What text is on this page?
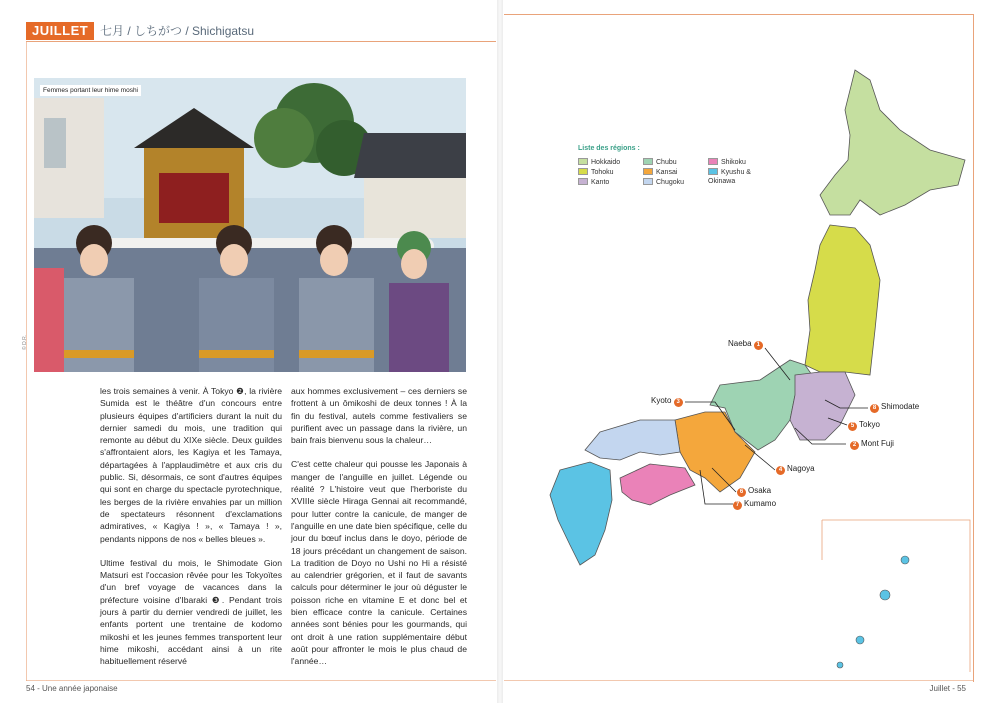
JUILLET 七月 / しちがつ / Shichigatsu
Femmes portant leur hime moshi
© D.R.

les trois semaines à venir. À Tokyo ❷, la rivière Sumida est le théâtre d'un concours entre plusieurs équipes d'artificiers durant la nuit du dernier samedi du mois, une tradition qui remonte au début du XIXe siècle. Deux guildes s'affrontaient alors, les Kagiya et les Tamaya, départagées à l'applaudimètre et aux cris du public. Si, désormais, ce sont d'autres équipes qui sont en charge du spectacle pyrotechnique, les berges de la rivière envahies par un million de spectateurs résonnent d'exclamations admiratives, « Kagiya ! », « Tamaya ! », pendants nippons de nos « belles bleues ».

Ultime festival du mois, le Shimodate Gion Matsuri est l'occasion rêvée pour les Tokyoïtes d'un bref voyage de vacances dans la préfecture voisine d'Ibaraki ❸. Pendant trois jours à partir du dernier vendredi de juillet, les enfants portent une trentaine de kodomo mikoshi et les jeunes femmes transportent leur hime mikoshi, accédant ainsi à un rite habituellement réservé

aux hommes exclusivement – ces derniers se frottent à un ômikoshi de deux tonnes ! À la fin du festival, autels comme festivaliers se purifient avec un passage dans la rivière, un bain frais bienvenu sous la chaleur…

C'est cette chaleur qui pousse les Japonais à manger de l'anguille en juillet. Légende ou réalité ? L'histoire veut que l'herboriste du XVIIIe siècle Hiraga Gennai ait recommandé, pour lutter contre la canicule, de manger de l'anguille en une date bien spécifique, celle du jour du bœuf inclus dans le doyo, période de 18 jours précédant un changement de saison. La tradition de Doyo no Ushi no Hi a résisté au calendrier grégorien, et il faut de savants calculs pour déterminer le jour où déguster le poisson riche en vitamine E et donc bel et bien efficace contre la canicule. Certaines années sont bénies pour les gourmands, qui ont droit à une ration supplémentaire début août pour affronter le mois le plus chaud de l'année…

54 - Une année japonaise	Juillet - 55
Liste des régions :
Hokkaido
Tohoku
Kanto
Chubu
Kansai
Chugoku
Shikoku
Kyushu & Okinawa
Naeba 1
Kyoto 3
8 Shimodate
5 Tokyo
2 Mont Fuji
4 Nagoya
6 Osaka
7 Kumamo
